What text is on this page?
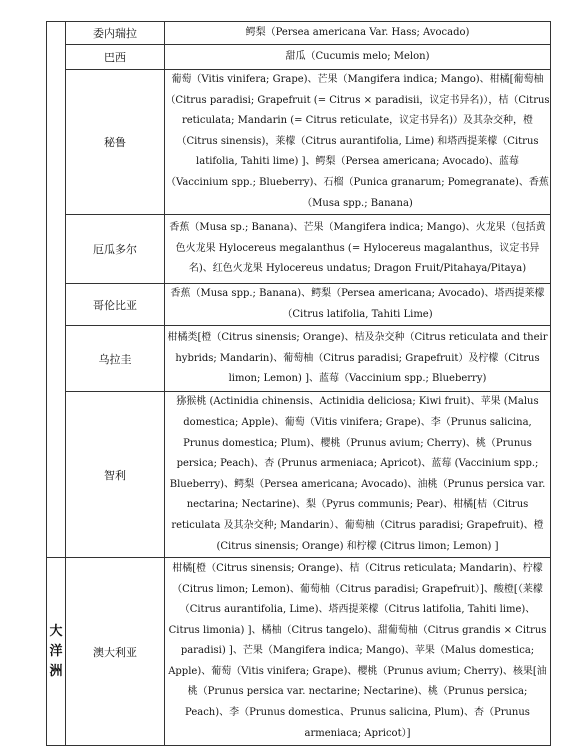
	委内瑞拉	鳄梨（Persea americana Var. Hass; Avocado)
	巴西	甜瓜（Cucumis melo; Melon)
	秘鲁	葡萄（Vitis vinifera; Grape)、芒果（Mangifera indica; Mango)、柑橘[葡萄柚（Citrus paradisi; Grapefruit (= Citrus × paradisii，议定书异名)），桔（Citrus reticulata; Mandarin (= Citrus reticulate，议定书异名)）及其杂交种，橙（Citrus sinensis)，莱檬（Citrus aurantifolia, Lime) 和塔西提莱檬（Citrus latifolia, Tahiti lime) ]、鳄梨（Persea americana; Avocado)、蓝莓（Vaccinium spp.; Blueberry)、石榴（Punica granarum; Pomegranate)、香蕉（Musa spp.; Banana)
	厄瓜多尔	香蕉（Musa sp.; Banana)、芒果（Mangifera indica; Mango)、火龙果（包括黄色火龙果 Hylocereus megalanthus (= Hylocereus magalanthus，议定书异名)、红色火龙果 Hylocereus undatus; Dragon Fruit/Pitahaya/Pitaya)
	哥伦比亚	香蕉（Musa spp.; Banana)、鳄梨（Persea americana; Avocado)、塔西提莱檬（Citrus latifolia, Tahiti Lime)
	乌拉圭	柑橘类[橙（Citrus sinensis; Orange)、桔及杂交种（Citrus reticulata and their hybrids; Mandarin)、葡萄柚（Citrus paradisi; Grapefruit）及柠檬（Citrus limon; Lemon) ]、蓝莓（Vaccinium spp.; Blueberry)
	智利	猕猴桃 (Actinidia chinensis、Actinidia deliciosa; Kiwi fruit)、苹果 (Malus domestica; Apple)、葡萄（Vitis vinifera; Grape)、李（Prunus salicina, Prunus domestica; Plum)、樱桃（Prunus avium; Cherry)、桃（Prunus persica; Peach)、杏 (Prunus armeniaca; Apricot)、蓝莓 (Vaccinium spp.; Blueberry)、鳄梨（Persea americana; Avocado)、油桃（Prunus persica var. nectarina; Nectarine)、梨（Pyrus communis; Pear)、柑橘[桔（Citrus reticulata 及其杂交种; Mandarin）、葡萄柚（Citrus paradisi; Grapefruit)、橙 (Citrus sinensis; Orange) 和柠檬 (Citrus limon; Lemon) ]
大洋洲	澳大利亚	柑橘[橙（Citrus sinensis; Orange)、桔（Citrus reticulata; Mandarin)、柠檬（Citrus limon; Lemon)、葡萄柚（Citrus paradisi; Grapefruit）]、酸橙[（莱檬（Citrus aurantifolia, Lime)、塔西提莱檬（Citrus latifolia, Tahiti lime)、Citrus limonia) ]、橘柚（Citrus tangelo)、甜葡萄柚（Citrus grandis × Citrus paradisi) ]、芒果（Mangifera indica; Mango)、苹果（Malus domestica; Apple)、葡萄（Vitis vinifera; Grape)、樱桃（Prunus avium; Cherry)、核果[油桃（Prunus persica var. nectarine; Nectarine)、桃（Prunus persica; Peach)、李（Prunus domestica、Prunus salicina, Plum)、杏（Prunus armeniaca; Apricot）]
